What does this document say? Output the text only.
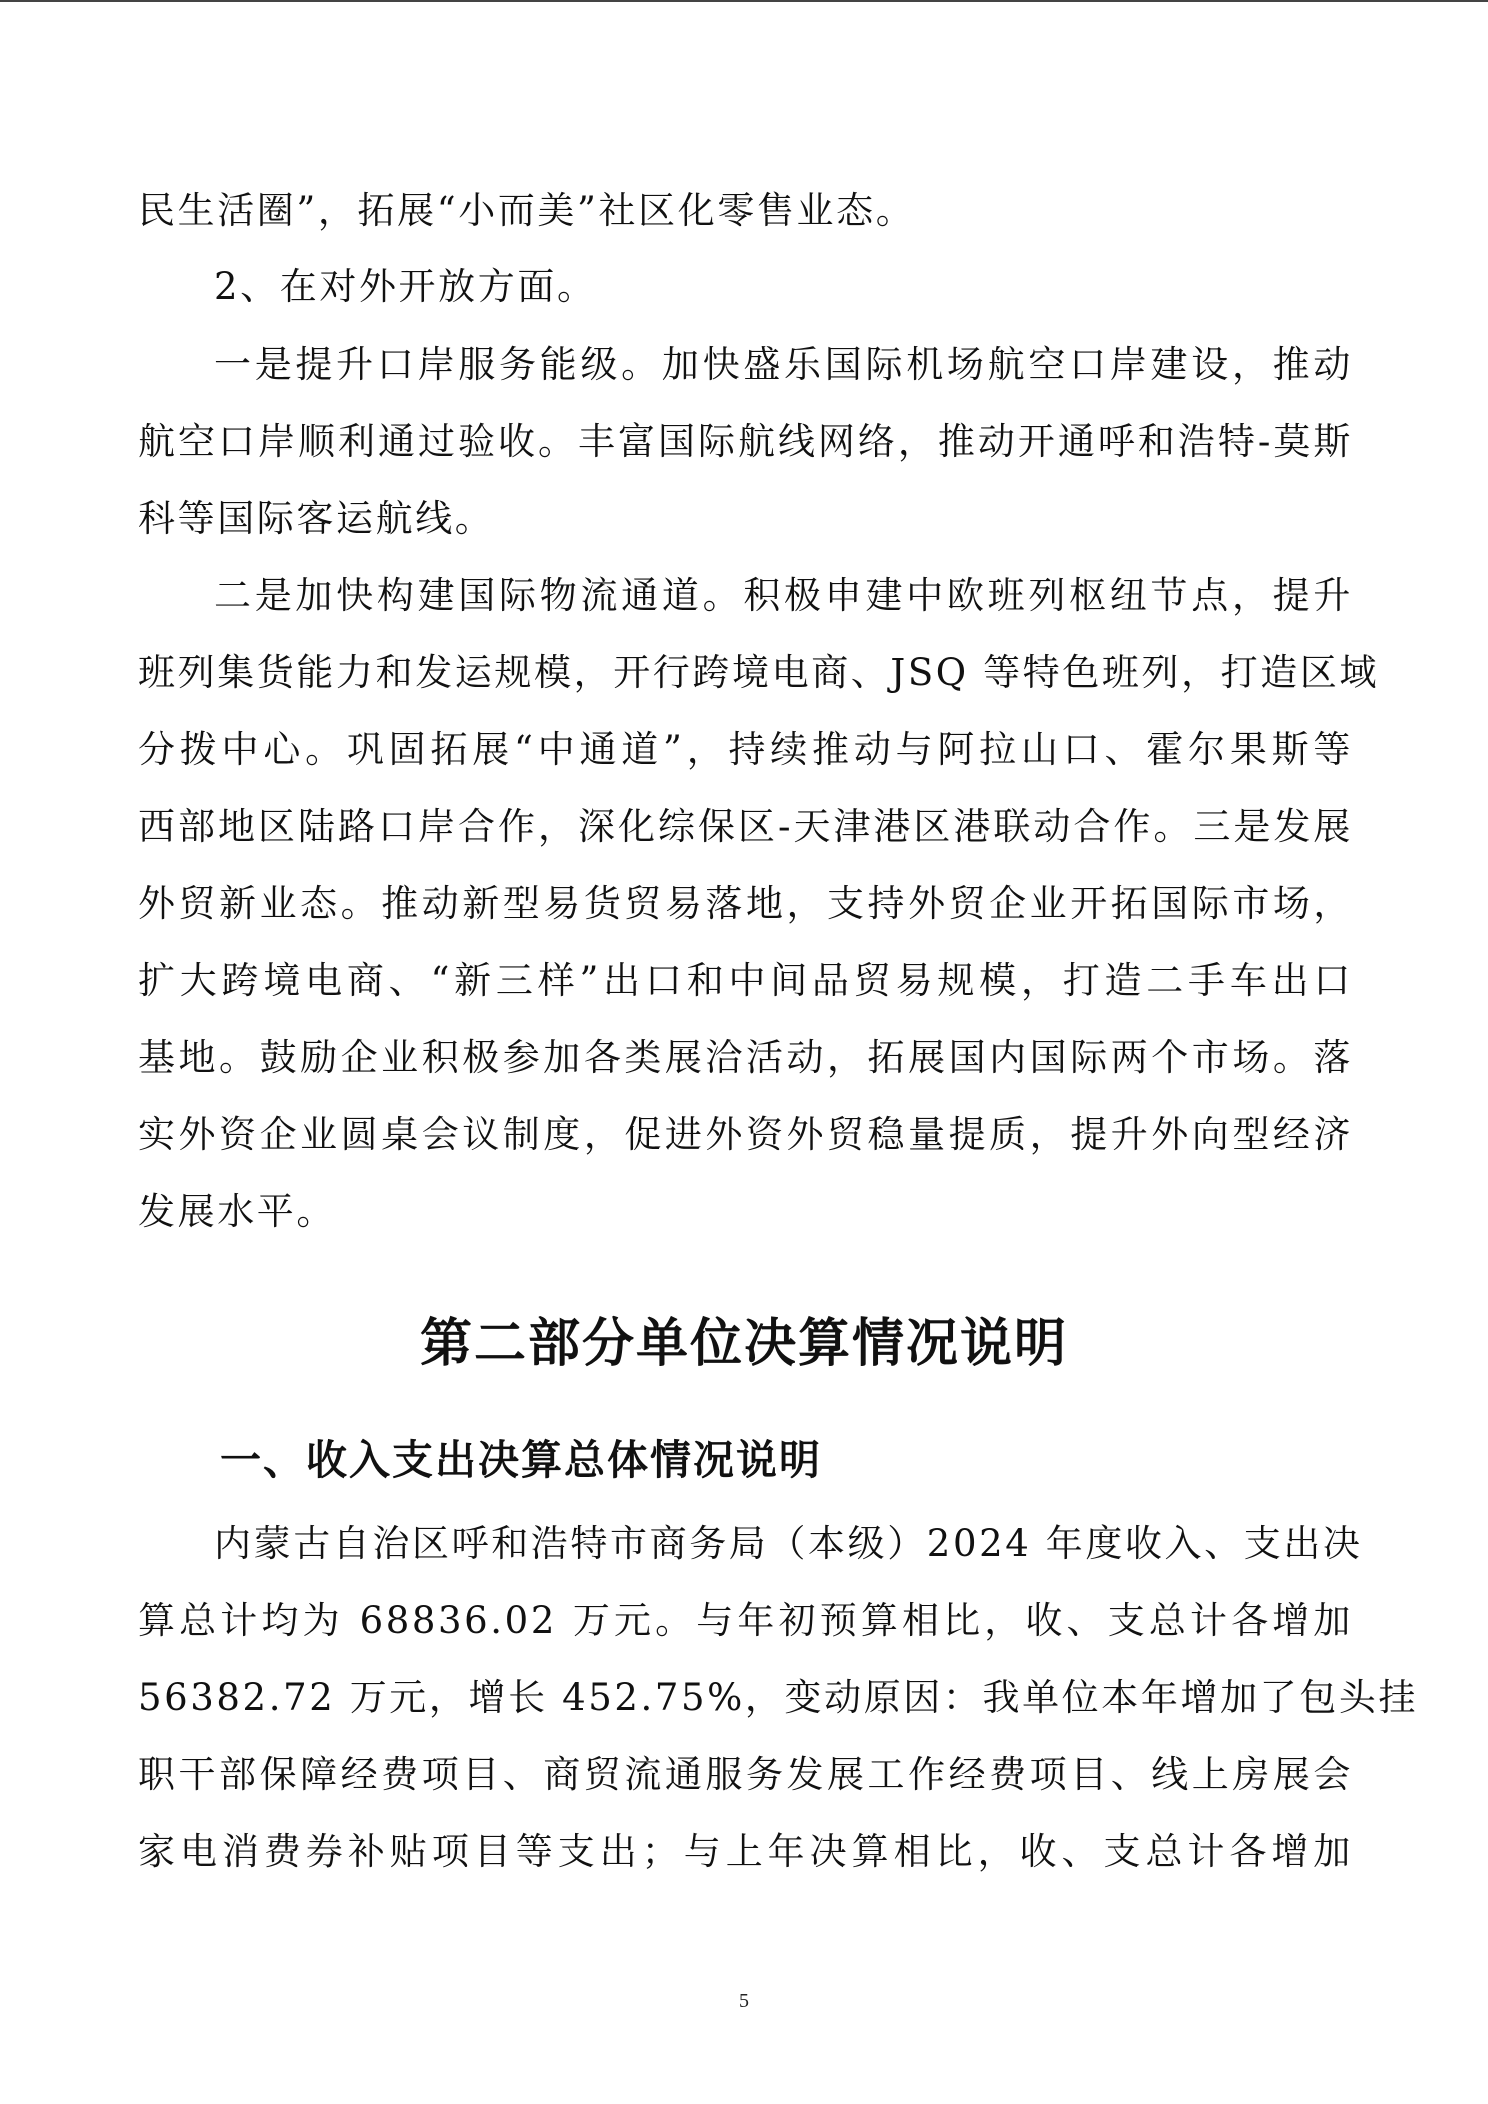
民生活圈”，拓展“小而美”社区化零售业态。
2、在对外开放方面。
一是提升口岸服务能级。加快盛乐国际机场航空口岸建设，推动
航空口岸顺利通过验收。丰富国际航线网络，推动开通呼和浩特-莫斯
科等国际客运航线。
二是加快构建国际物流通道。积极申建中欧班列枢纽节点，提升
班列集货能力和发运规模，开行跨境电商、JSQ 等特色班列，打造区域
分拨中心。巩固拓展“中通道”，持续推动与阿拉山口、霍尔果斯等
西部地区陆路口岸合作，深化综保区-天津港区港联动合作。三是发展
外贸新业态。推动新型易货贸易落地，支持外贸企业开拓国际市场，
扩大跨境电商、“新三样”出口和中间品贸易规模，打造二手车出口
基地。鼓励企业积极参加各类展洽活动，拓展国内国际两个市场。落
实外资企业圆桌会议制度，促进外资外贸稳量提质，提升外向型经济
发展水平。
第二部分单位决算情况说明
一、收入支出决算总体情况说明
内蒙古自治区呼和浩特市商务局（本级）2024 年度收入、支出决
算总计均为 68836.02 万元。与年初预算相比，收、支总计各增加
56382.72 万元，增长 452.75%，变动原因：我单位本年增加了包头挂
职干部保障经费项目、商贸流通服务发展工作经费项目、线上房展会
家电消费券补贴项目等支出；与上年决算相比，收、支总计各增加
5
